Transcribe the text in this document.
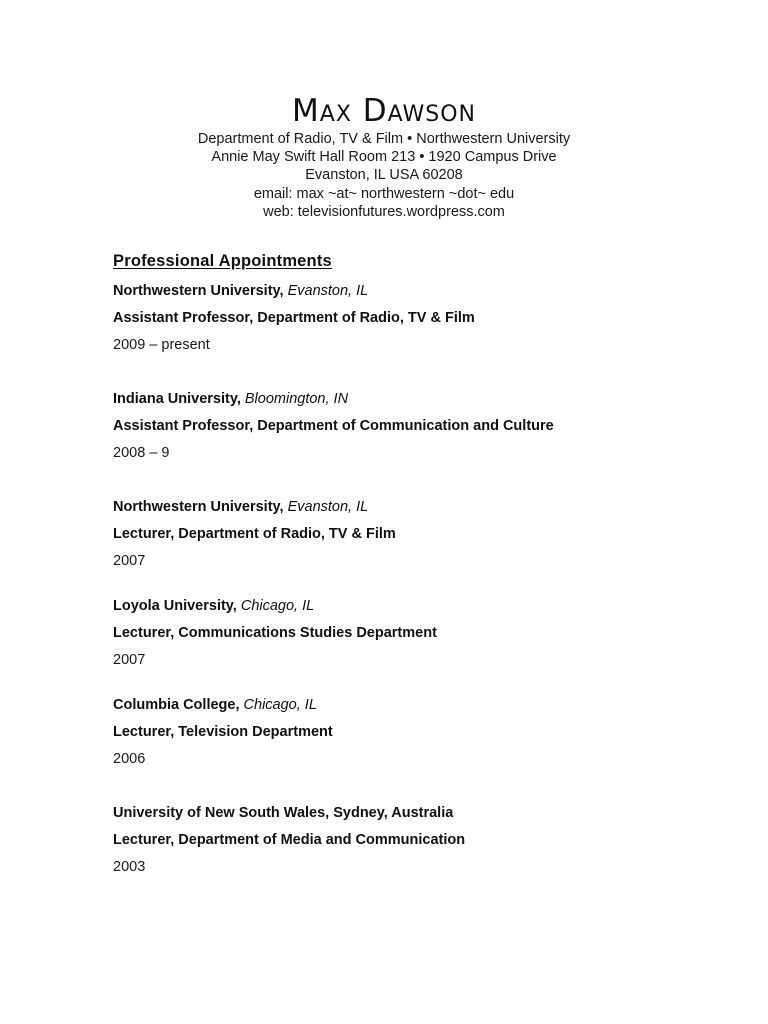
Max Dawson
Department of Radio, TV & Film • Northwestern University
Annie May Swift Hall Room 213 • 1920 Campus Drive
Evanston, IL USA 60208
email: max ~at~ northwestern ~dot~ edu
web: televisionfutures.wordpress.com
Professional Appointments
Northwestern University, Evanston, IL
Assistant Professor, Department of Radio, TV & Film
2009 – present
Indiana University, Bloomington, IN
Assistant Professor, Department of Communication and Culture
2008 – 9
Northwestern University, Evanston, IL
Lecturer, Department of Radio, TV & Film
2007
Loyola University, Chicago, IL
Lecturer, Communications Studies Department
2007
Columbia College, Chicago, IL
Lecturer, Television Department
2006
University of New South Wales, Sydney, Australia
Lecturer, Department of Media and Communication
2003
